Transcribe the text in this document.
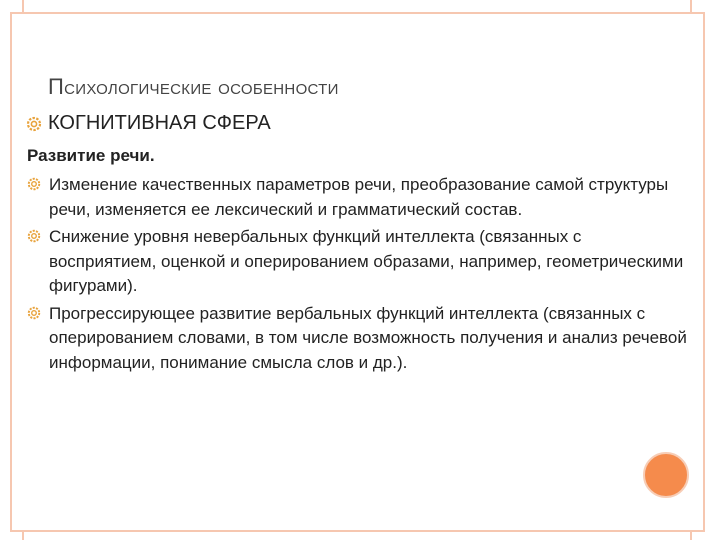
Психологические особенности
КОГНИТИВНАЯ СФЕРА
Развитие речи.
Изменение качественных параметров речи, преобразование самой структуры речи, изменяется ее лексический и грамматический состав.
Снижение уровня невербальных функций интеллекта (связанных с восприятием, оценкой и оперированием образами, например, геометрическими фигурами).
Прогрессирующее развитие вербальных функций интеллекта (связанных с оперированием словами, в том числе возможность получения и анализ речевой информации, понимание смысла слов и др.).
